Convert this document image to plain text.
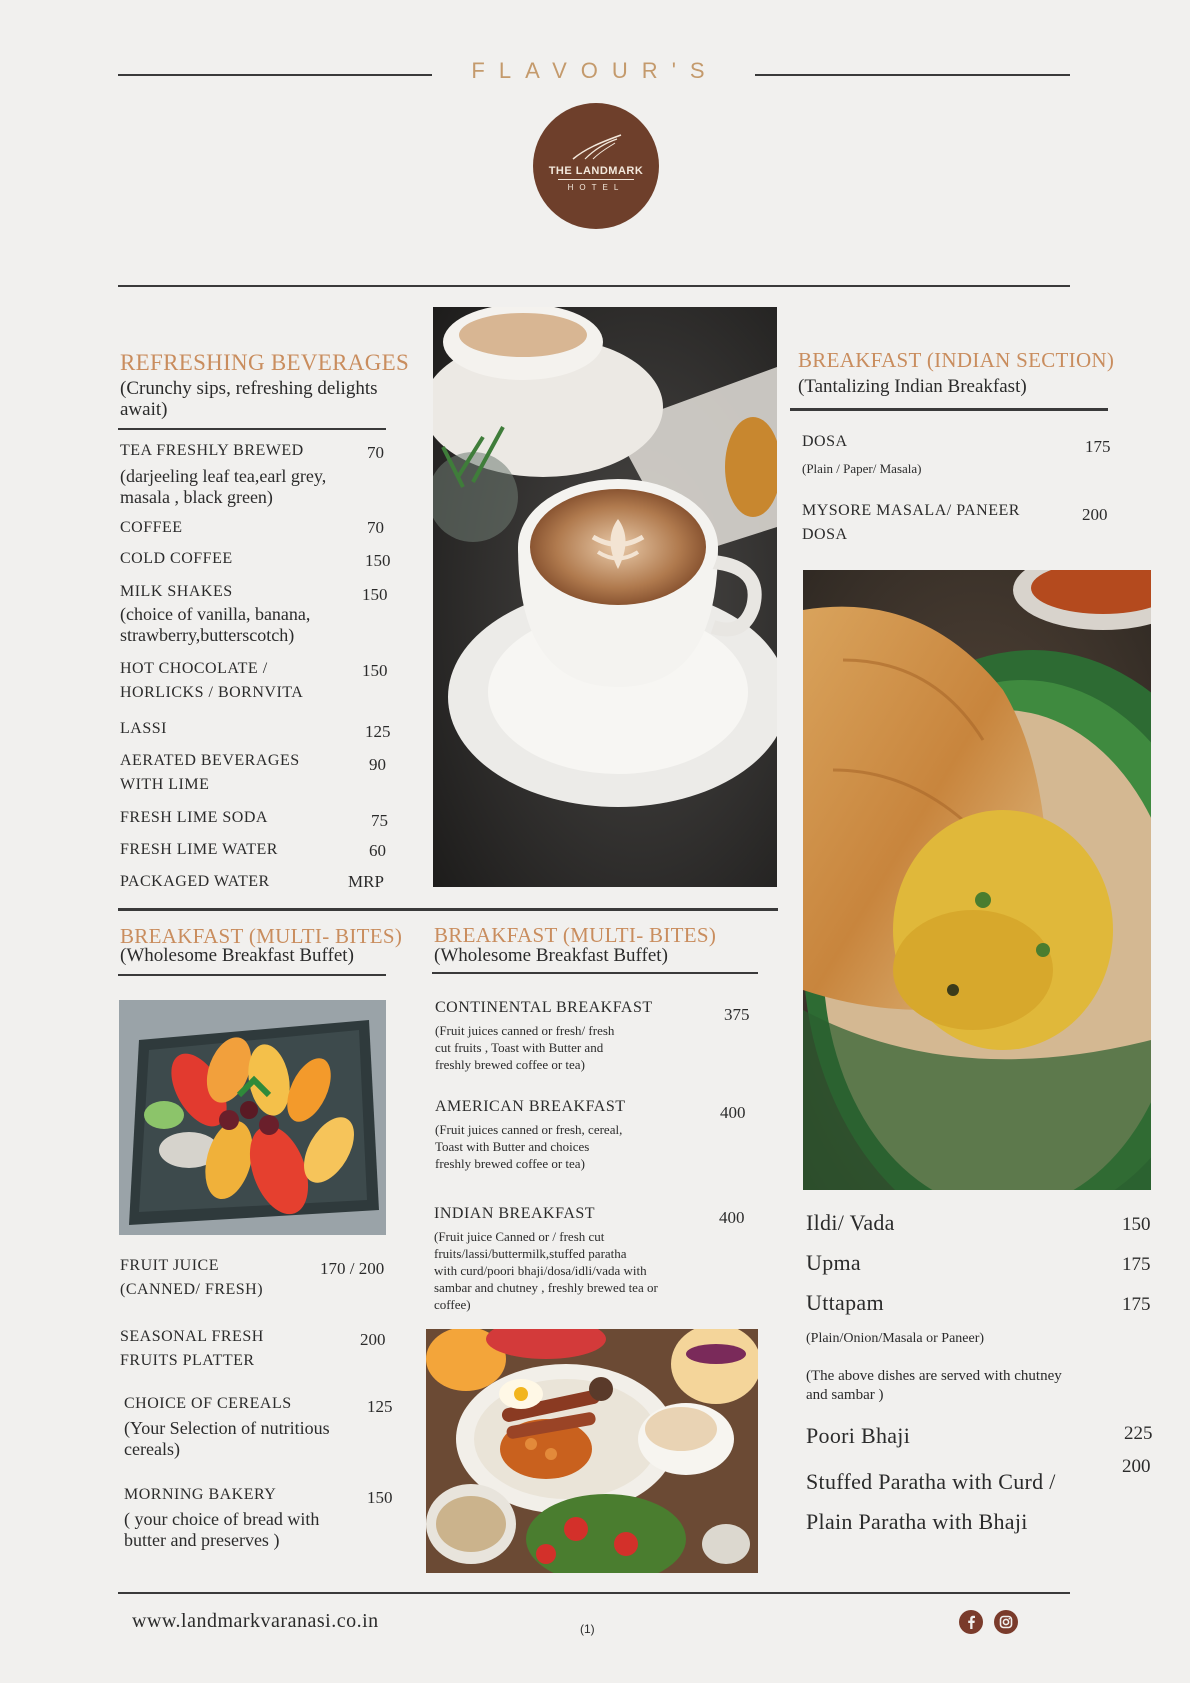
FLAVOUR'S
THE LANDMARK
HOTEL
REFRESHING BEVERAGES
(Crunchy sips, refreshing delights
await)
TEA FRESHLY BREWED	70
(darjeeling leaf tea,earl grey,
masala , black green)
COFFEE	70
COLD COFFEE	150
MILK SHAKES	150
(choice of vanilla, banana,
strawberry,butterscotch)
HOT CHOCOLATE /
HORLICKS / BORNVITA
150
LASSI	125
AERATED BEVERAGES
WITH LIME
90
FRESH LIME SODA	75
FRESH LIME WATER	60
PACKAGED WATER	MRP
BREAKFAST (INDIAN SECTION)
(Tantalizing Indian Breakfast)
DOSA	175
(Plain / Paper/ Masala)
MYSORE MASALA/ PANEER
DOSA
200
Ildi/ Vada	150
Upma	175
Uttapam	175
(Plain/Onion/Masala or Paneer)
(The above dishes are served with chutney
and sambar )
Poori Bhaji	225
Stuffed Paratha with Curd /
Plain Paratha with Bhaji
200
BREAKFAST (MULTI- BITES)
(Wholesome Breakfast Buffet)
FRUIT JUICE
(CANNED/ FRESH)
170 / 200
SEASONAL FRESH
FRUITS PLATTER
200
CHOICE OF CEREALS	125
(Your Selection of nutritious
cereals)
MORNING BAKERY	150
( your choice of bread with
butter and preserves )
BREAKFAST (MULTI- BITES)
(Wholesome Breakfast Buffet)
CONTINENTAL BREAKFAST	375
(Fruit juices canned or fresh/ fresh
cut fruits , Toast with Butter and
freshly brewed coffee or tea)
AMERICAN BREAKFAST	400
(Fruit juices canned or fresh, cereal,
Toast with Butter and choices
freshly brewed coffee or tea)
INDIAN BREAKFAST	400
(Fruit juice Canned or / fresh cut
fruits/lassi/buttermilk,stuffed paratha
with curd/poori bhaji/dosa/idli/vada with
sambar and chutney , freshly brewed tea or
coffee)
www.landmarkvaranasi.co.in	(1)
